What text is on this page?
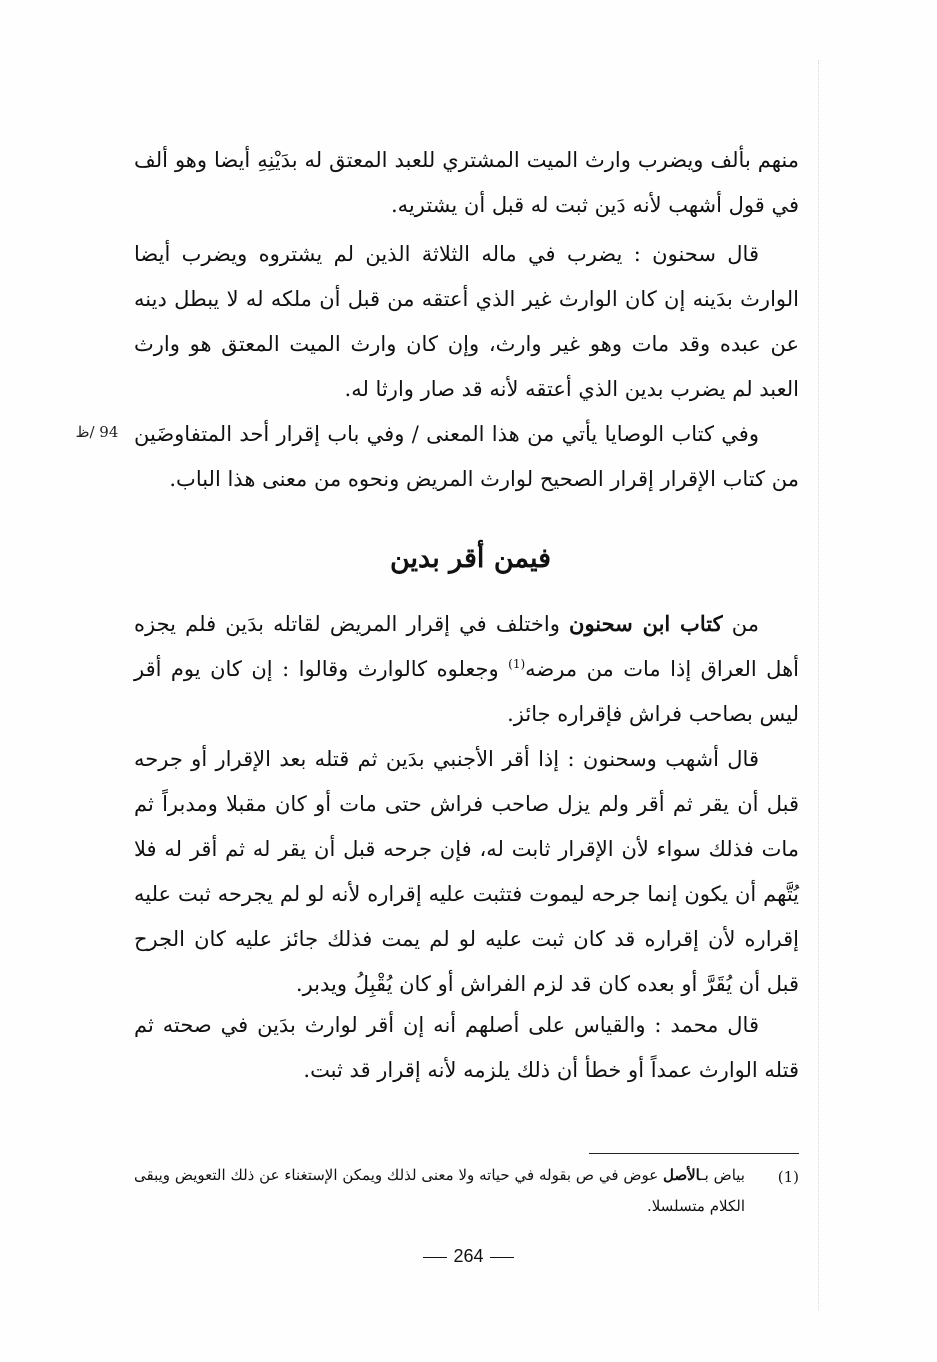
منهم بألف ويضرب وارث الميت المشتري للعبد المعتق له بدَيْنِهِ أيضا وهو ألف في قول أشهب لأنه دَين ثبت له قبل أن يشتريه.

قال سحنون : يضرب في ماله الثلاثة الذين لم يشتروه ويضرب أيضا الوارث بدَينه إن كان الوارث غير الذي أعتقه من قبل أن ملكه له لا يبطل دينه عن عبده وقد مات وهو غير وارث، وإن كان وارث الميت المعتق هو وارث العبد لم يضرب بدين الذي أعتقه لأنه قد صار وارثا له.

وفي كتاب الوصايا يأتي من هذا المعنى / وفي باب إقرار أحد المتفاوضَين من كتاب الإقرار إقرار الصحيح لوارث المريض ونحوه من معنى هذا الباب.

94 /ظ
فيمن أقر بدين

من كتاب ابن سحنون واختلف في إقرار المريض لقاتله بدَين فلم يجزه أهل العراق إذا مات من مرضه$^{(1)}$ وجعلوه كالوارث وقالوا : إن كان يوم أقر ليس بصاحب فراش فإقراره جائز.

قال أشهب وسحنون : إذا أقر الأجنبي بدَين ثم قتله بعد الإقرار أو جرحه قبل أن يقر ثم أقر ولم يزل صاحب فراش حتى مات أو كان مقبلا ومدبراً ثم مات فذلك سواء لأن الإقرار ثابت له، فإن جرحه قبل أن يقر له ثم أقر له فلا يُتَّهم أن يكون إنما جرحه ليموت فتثبت عليه إقراره لأنه لو لم يجرحه ثبت عليه إقراره لأن إقراره قد كان ثبت عليه لو لم يمت فذلك جائز عليه كان الجرح قبل أن يُقَرَّ أو بعده كان قد لزم الفراش أو كان يُقْبِلُ ويدبر.

قال محمد : والقياس على أصلهم أنه إن أقر لوارث بدَين في صحته ثم قتله الوارث عمداً أو خطأ أن ذلك يلزمه لأنه إقرار قد ثبت.

(1)
بياض بـالأصل عوض في ص بقوله في حياته ولا معنى لذلك ويمكن الإستغناء عن ذلك التعويض ويبقى الكلام متسلسلا.
264
